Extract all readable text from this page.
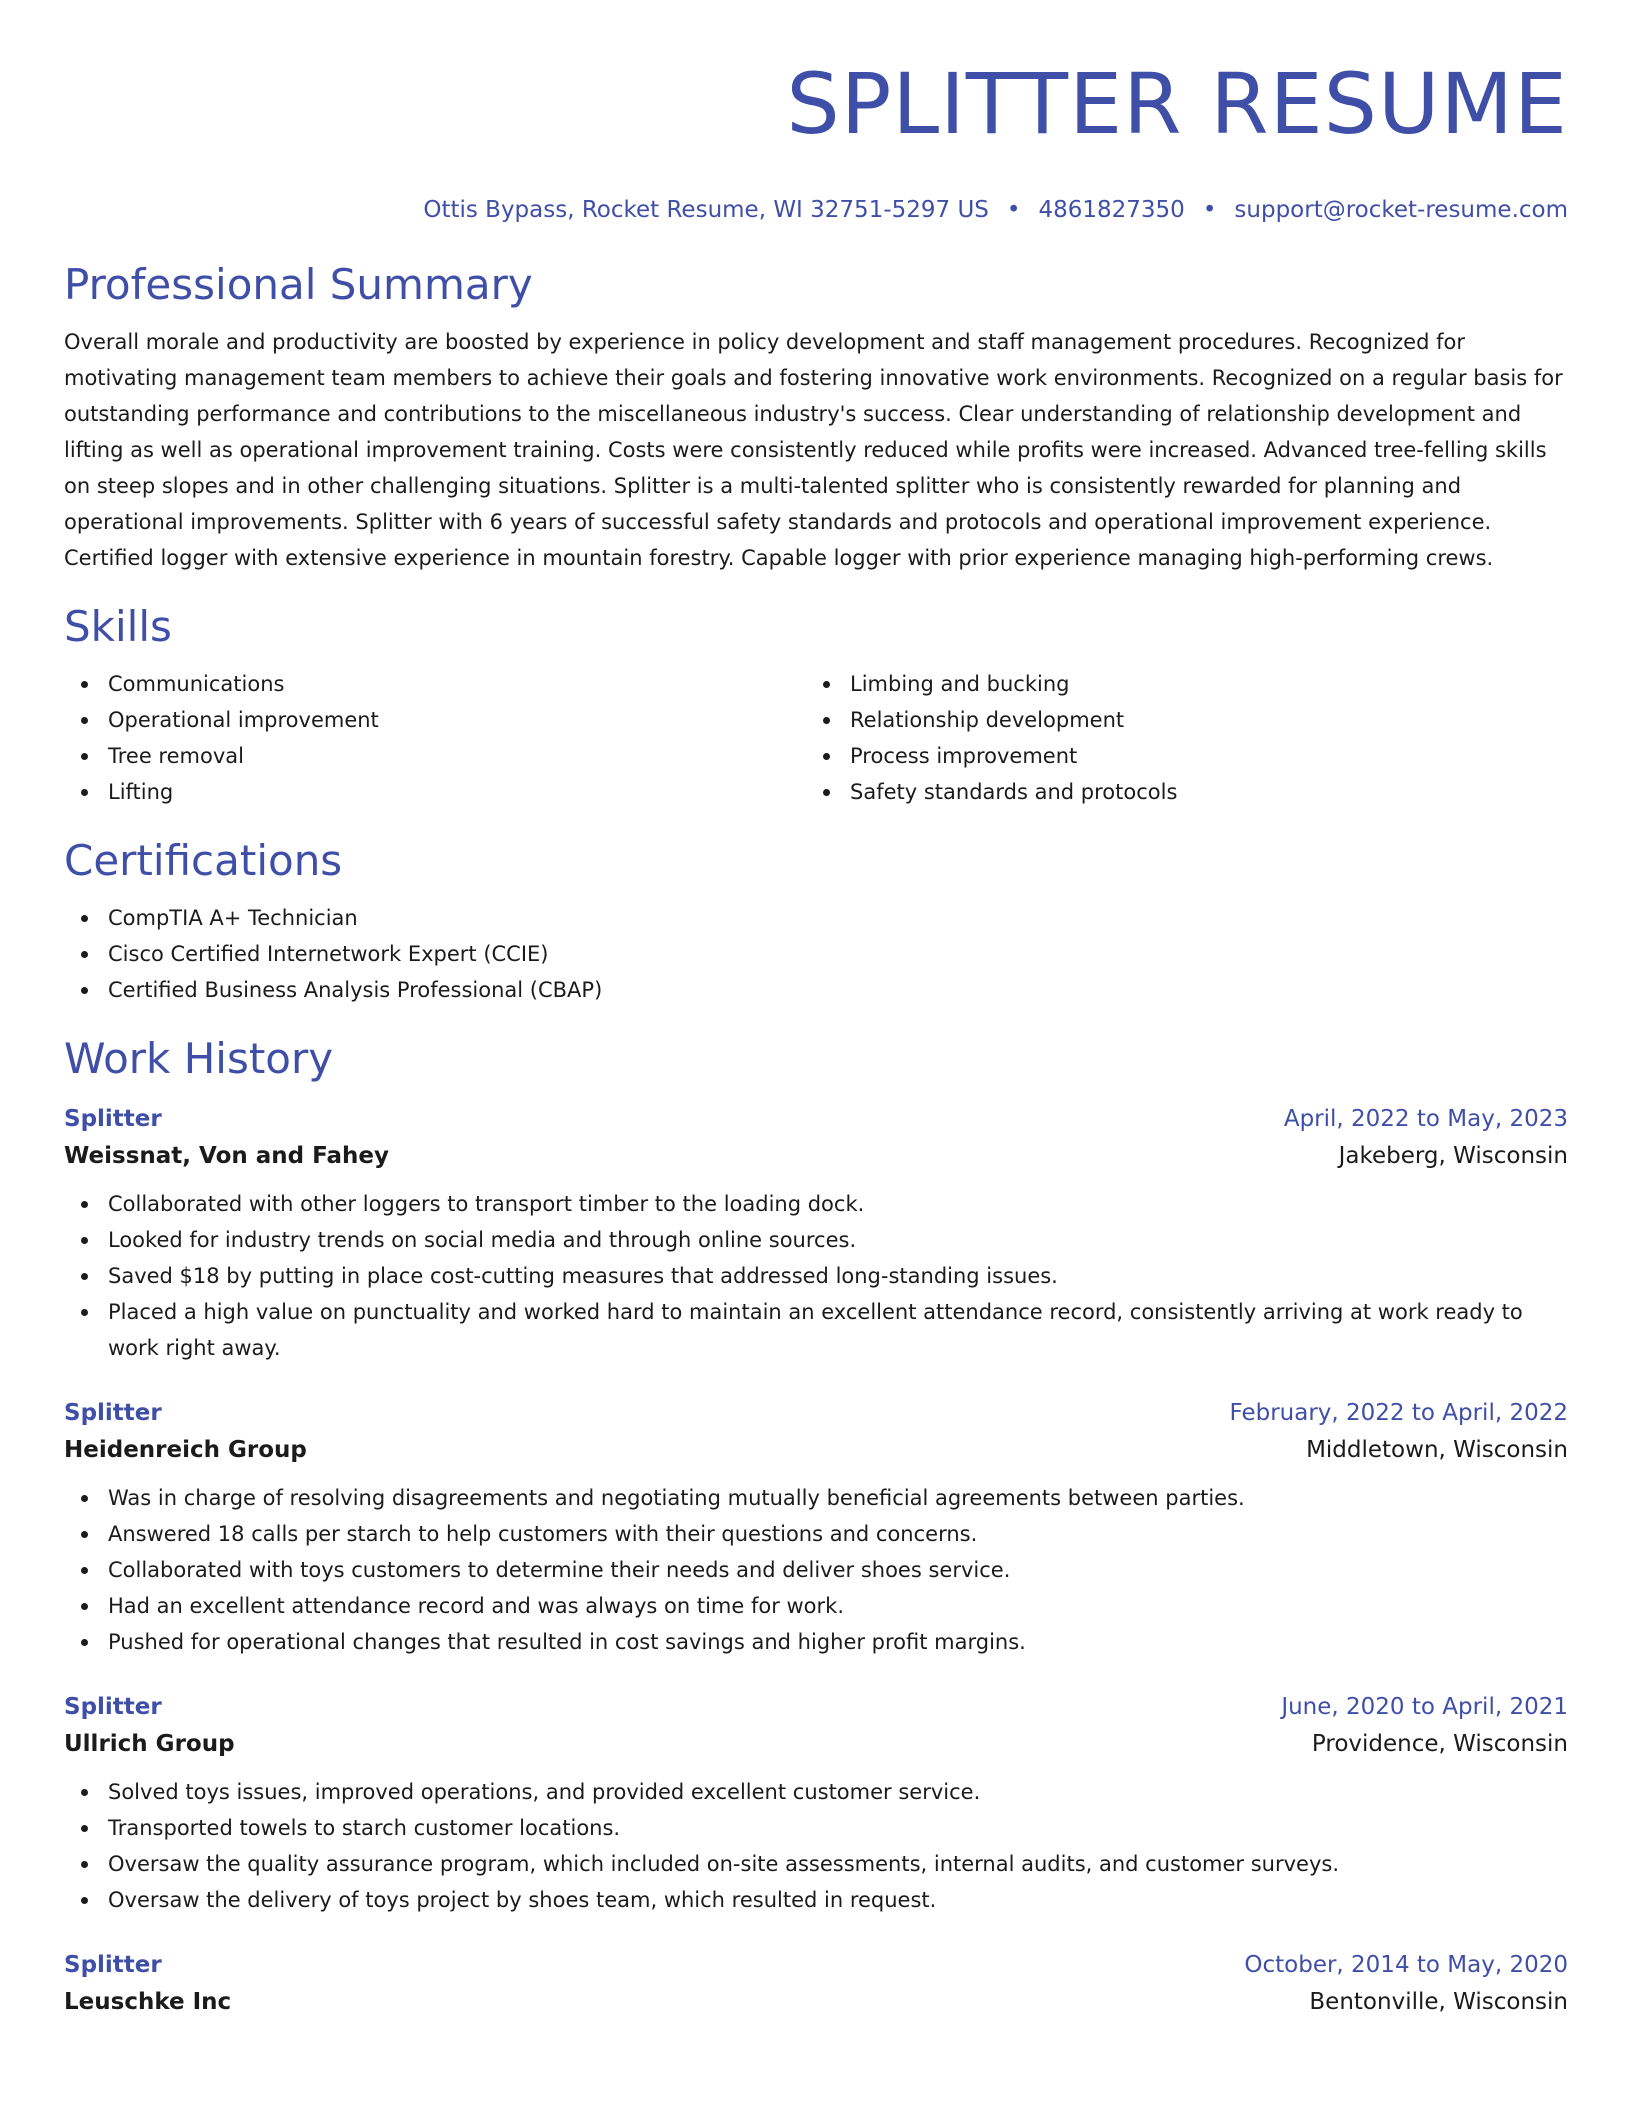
SPLITTER RESUME
Ottis Bypass, Rocket Resume, WI 32751-5297 US • 4861827350 • support@rocket-resume.com
Professional Summary

Overall morale and productivity are boosted by experience in policy development and staff management procedures. Recognized for motivating management team members to achieve their goals and fostering innovative work environments. Recognized on a regular basis for outstanding performance and contributions to the miscellaneous industry's success. Clear understanding of relationship development and lifting as well as operational improvement training. Costs were consistently reduced while profits were increased. Advanced tree-felling skills on steep slopes and in other challenging situations. Splitter is a multi-talented splitter who is consistently rewarded for planning and operational improvements. Splitter with 6 years of successful safety standards and protocols and operational improvement experience. Certified logger with extensive experience in mountain forestry. Capable logger with prior experience managing high-performing crews.

Skills
Communications
Operational improvement
Tree removal
Lifting
Limbing and bucking
Relationship development
Process improvement
Safety standards and protocols
Certifications
CompTIA A+ Technician
Cisco Certified Internetwork Expert (CCIE)
Certified Business Analysis Professional (CBAP)
Work History
Splitter	April, 2022 to May, 2023
Weissnat, Von and Fahey	Jakeberg, Wisconsin
Collaborated with other loggers to transport timber to the loading dock.
Looked for industry trends on social media and through online sources.
Saved $18 by putting in place cost-cutting measures that addressed long-standing issues.
Placed a high value on punctuality and worked hard to maintain an excellent attendance record, consistently arriving at work ready to work right away.
Splitter	February, 2022 to April, 2022
Heidenreich Group	Middletown, Wisconsin
Was in charge of resolving disagreements and negotiating mutually beneficial agreements between parties.
Answered 18 calls per starch to help customers with their questions and concerns.
Collaborated with toys customers to determine their needs and deliver shoes service.
Had an excellent attendance record and was always on time for work.
Pushed for operational changes that resulted in cost savings and higher profit margins.
Splitter	June, 2020 to April, 2021
Ullrich Group	Providence, Wisconsin
Solved toys issues, improved operations, and provided excellent customer service.
Transported towels to starch customer locations.
Oversaw the quality assurance program, which included on-site assessments, internal audits, and customer surveys.
Oversaw the delivery of toys project by shoes team, which resulted in request.
Splitter	October, 2014 to May, 2020
Leuschke Inc	Bentonville, Wisconsin
